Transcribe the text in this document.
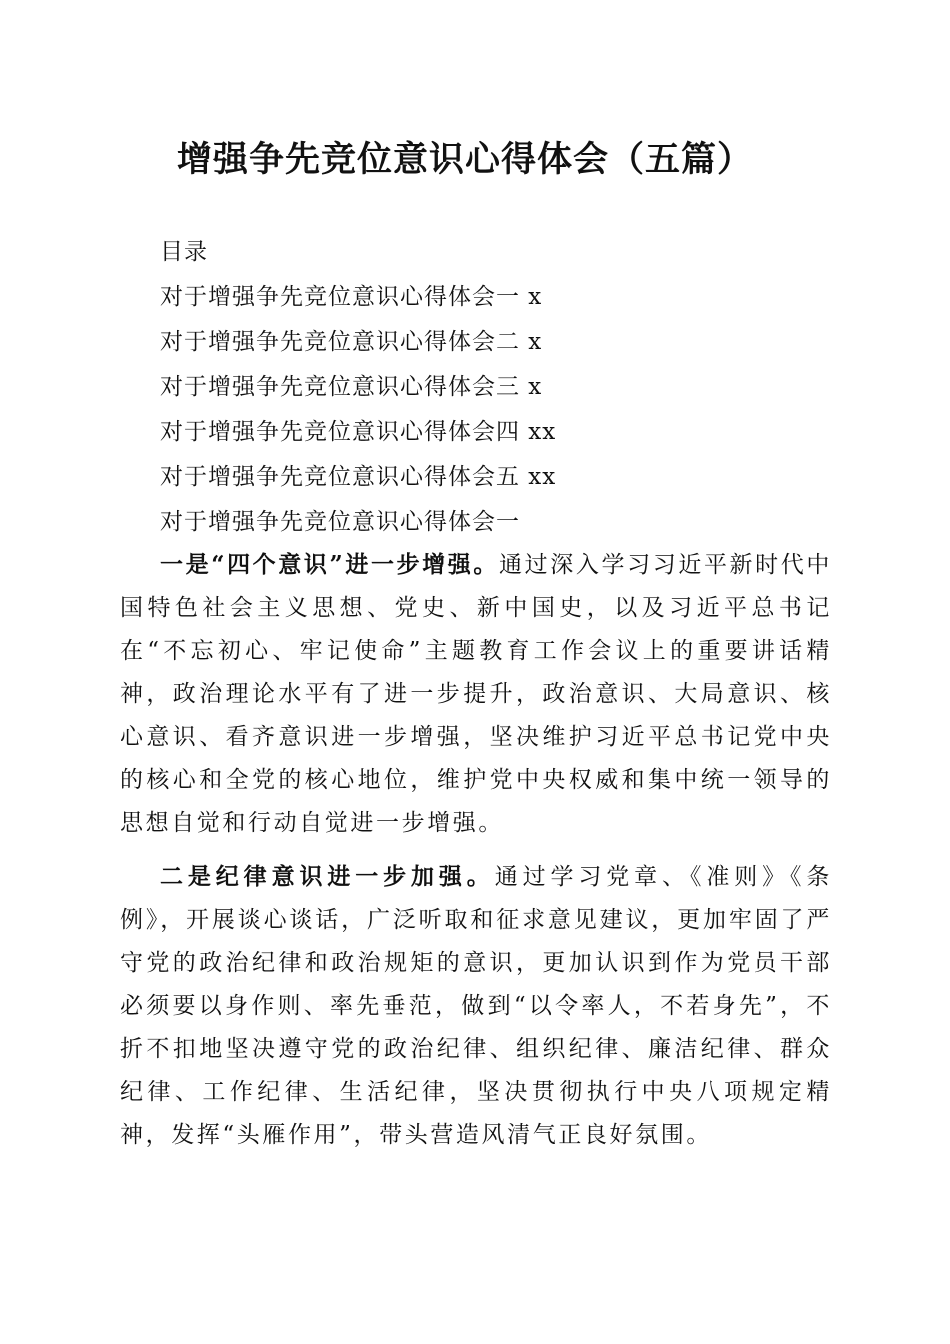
增强争先竞位意识心得体会（五篇）
目录
对于增强争先竞位意识心得体会一 x
对于增强争先竞位意识心得体会二 x
对于增强争先竞位意识心得体会三 x
对于增强争先竞位意识心得体会四 xx
对于增强争先竞位意识心得体会五 xx
对于增强争先竞位意识心得体会一

一是“四个意识”进一步增强。通过深入学习习近平新时代中国特色社会主义思想、党史、新中国史，以及习近平总书记在“不忘初心、牢记使命”主题教育工作会议上的重要讲话精神，政治理论水平有了进一步提升，政治意识、大局意识、核心意识、看齐意识进一步增强，坚决维护习近平总书记党中央的核心和全党的核心地位，维护党中央权威和集中统一领导的思想自觉和行动自觉进一步增强。

二是纪律意识进一步加强。通过学习党章、《准则》《条例》，开展谈心谈话，广泛听取和征求意见建议，更加牢固了严守党的政治纪律和政治规矩的意识，更加认识到作为党员干部必须要以身作则、率先垂范，做到“以令率人，不若身先”，不折不扣地坚决遵守党的政治纪律、组织纪律、廉洁纪律、群众纪律、工作纪律、生活纪律，坚决贯彻执行中央八项规定精神，发挥“头雁作用”，带头营造风清气正良好氛围。
